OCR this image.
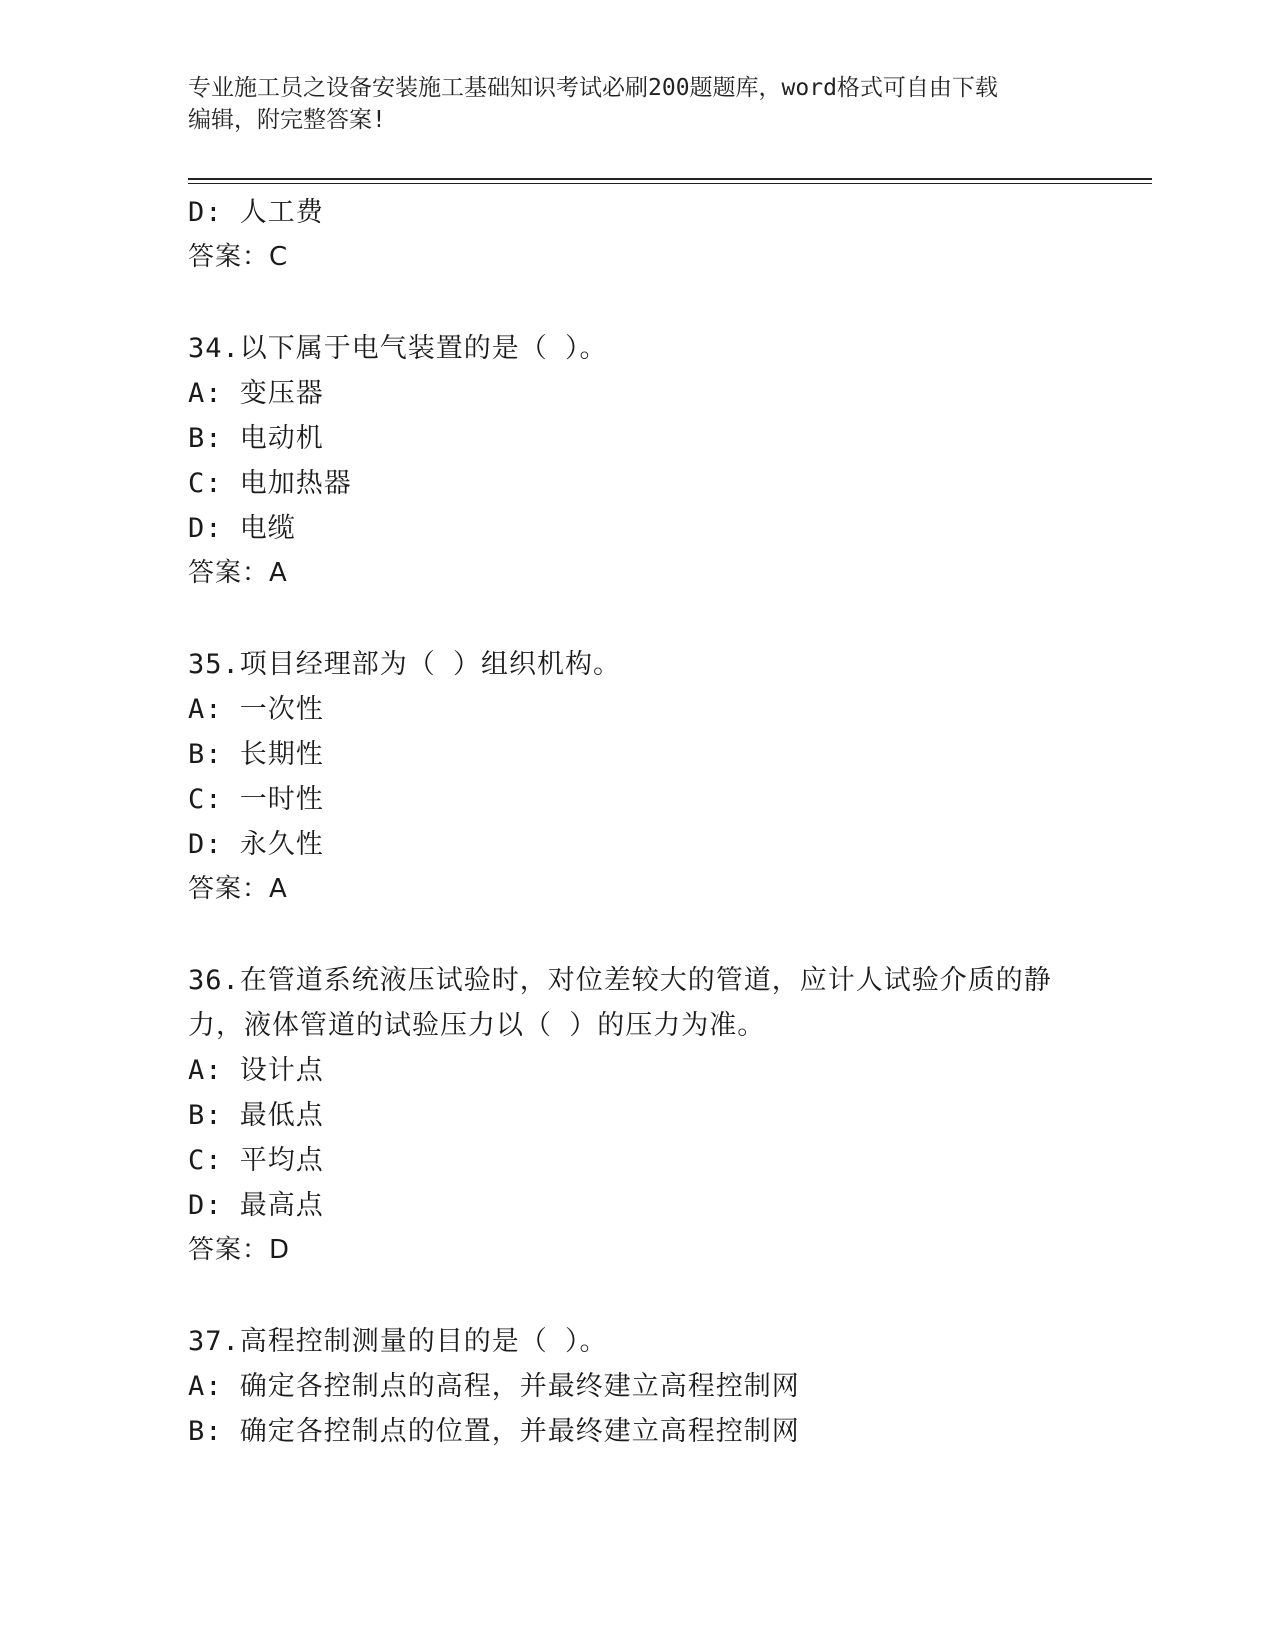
专业施工员之设备安装施工基础知识考试必刷200题题库，word格式可自由下载
编辑，附完整答案!
D: 人工费
答案：C
34.以下属于电气装置的是（ ）。
A: 变压器
B: 电动机
C: 电加热器
D: 电缆
答案：A
35.项目经理部为（ ）组织机构。
A: 一次性
B: 长期性
C: 一时性
D: 永久性
答案：A
36.在管道系统液压试验时，对位差较大的管道，应计人试验介质的静
力，液体管道的试验压力以（ ）的压力为准。
A: 设计点
B: 最低点
C: 平均点
D: 最高点
答案：D
37.高程控制测量的目的是（ ）。
A: 确定各控制点的高程，并最终建立高程控制网
B: 确定各控制点的位置，并最终建立高程控制网
